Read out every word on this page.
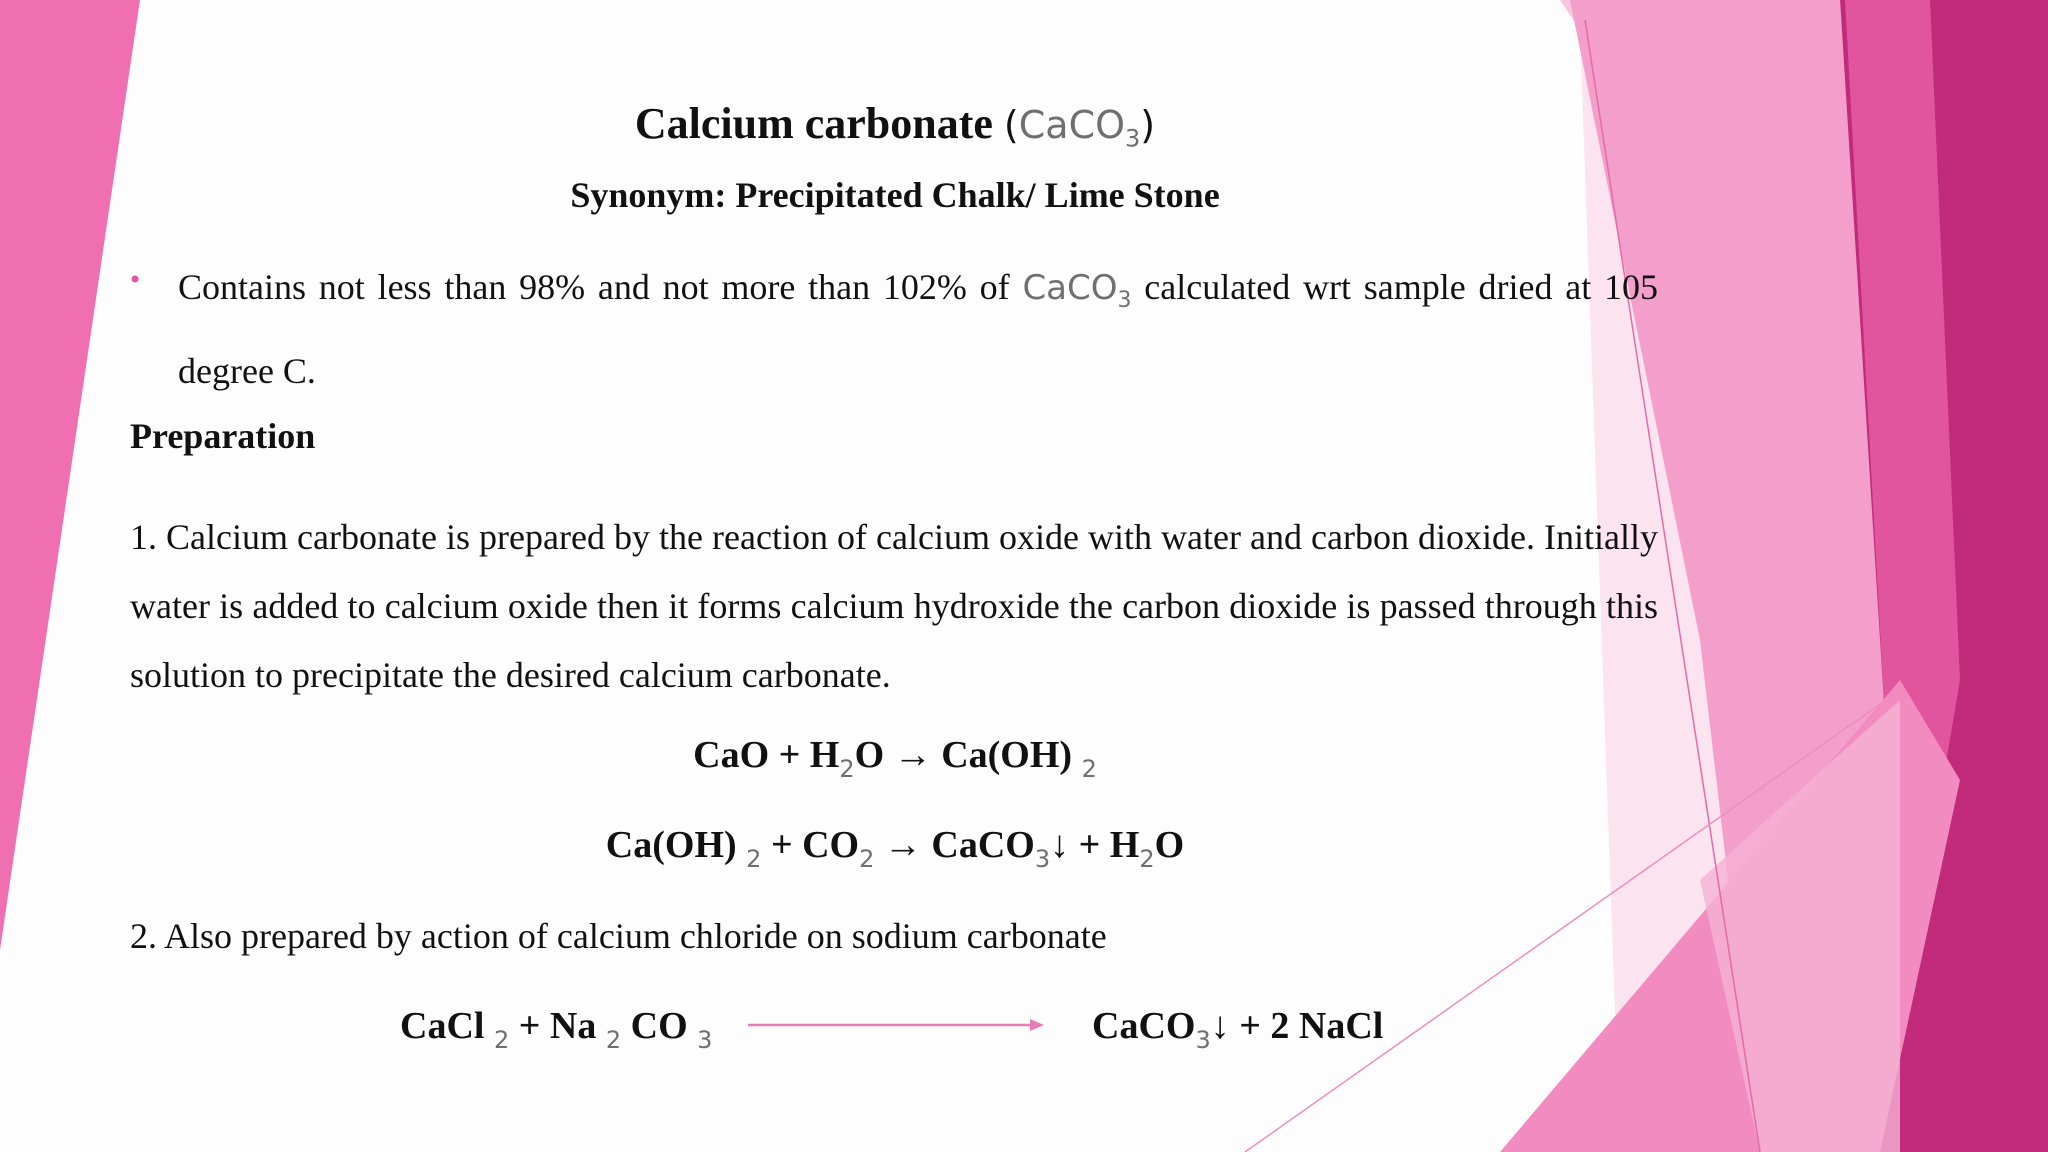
Calcium carbonate (CaCO$_3$)
Synonym: Precipitated Chalk/ Lime Stone
• Contains not less than 98% and not more than 102% of CaCO$_3$ calculated wrt sample dried at 105 degree C.
Preparation
1. Calcium carbonate is prepared by the reaction of calcium oxide with water and carbon dioxide. Initially water is added to calcium oxide then it forms calcium hydroxide the carbon dioxide is passed through this solution to precipitate the desired calcium carbonate.
CaO + $H_2O \to Ca(OH)$ $_2$
Ca(OH) $_2 + CO_2$ → CaCO$_3$↓ + $H_2O$
2. Also prepared by action of calcium chloride on sodium carbonate
CaCl $_2$ + Na $_2$ CO $_3$	CaCO$_3$↓ + 2 NaCl
